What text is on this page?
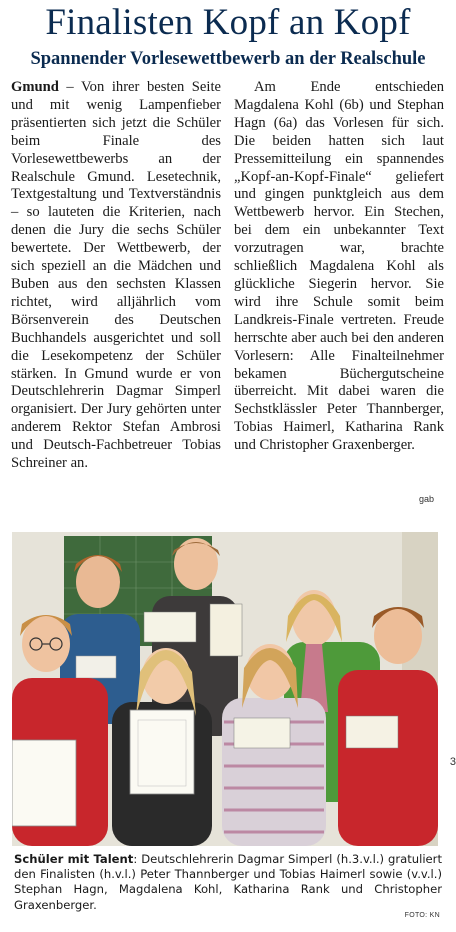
Finalisten Kopf an Kopf
Spannender Vorlesewettbewerb an der Realschule

Gmund – Von ihrer besten Seite und mit wenig Lampenfieber präsentierten sich jetzt die Schüler beim Finale des Vorlesewettbewerbs an der Realschule Gmund. Lesetechnik, Textgestaltung und Textverständnis – so lauteten die Kriterien, nach denen die Jury die sechs Schüler bewertete. Der Wettbewerb, der sich speziell an die Mädchen und Buben aus den sechsten Klassen richtet, wird alljährlich vom Börsenverein des Deutschen Buchhandels ausgerichtet und soll die Lesekompetenz der Schüler stärken. In Gmund wurde er von Deutschlehrerin Dagmar Simperl organisiert. Der Jury gehörten unter anderem Rektor Stefan Ambrosi und Deutsch-Fachbetreuer Tobias Schreiner an.

Am Ende entschieden Magdalena Kohl (6b) und Stephan Hagn (6a) das Vorlesen für sich. Die beiden hatten sich laut Pressemitteilung ein spannendes „Kopf-an-Kopf-Finale“ geliefert und gingen punktgleich aus dem Wettbewerb hervor. Ein Stechen, bei dem ein unbekannter Text vorzutragen war, brachte schließlich Magdalena Kohl als glückliche Siegerin hervor. Sie wird ihre Schule somit beim Landkreis-Finale vertreten. Freude herrschte aber auch bei den anderen Vorlesern: Alle Finalteilnehmer bekamen Büchergutscheine überreicht. Mit dabei waren die Sechstklässler Peter Thannberger, Tobias Haimerl, Katharina Rank und Christopher Graxenberger.

gab
3

Schüler mit Talent: Deutschlehrerin Dagmar Simperl (h.3.v.l.) gratuliert den Finalisten (h.v.l.) Peter Thannberger und Tobias Haimerl sowie (v.v.l.) Stephan Hagn, Magdalena Kohl, Katharina Rank und Christopher Graxenberger.

FOTO: KN
